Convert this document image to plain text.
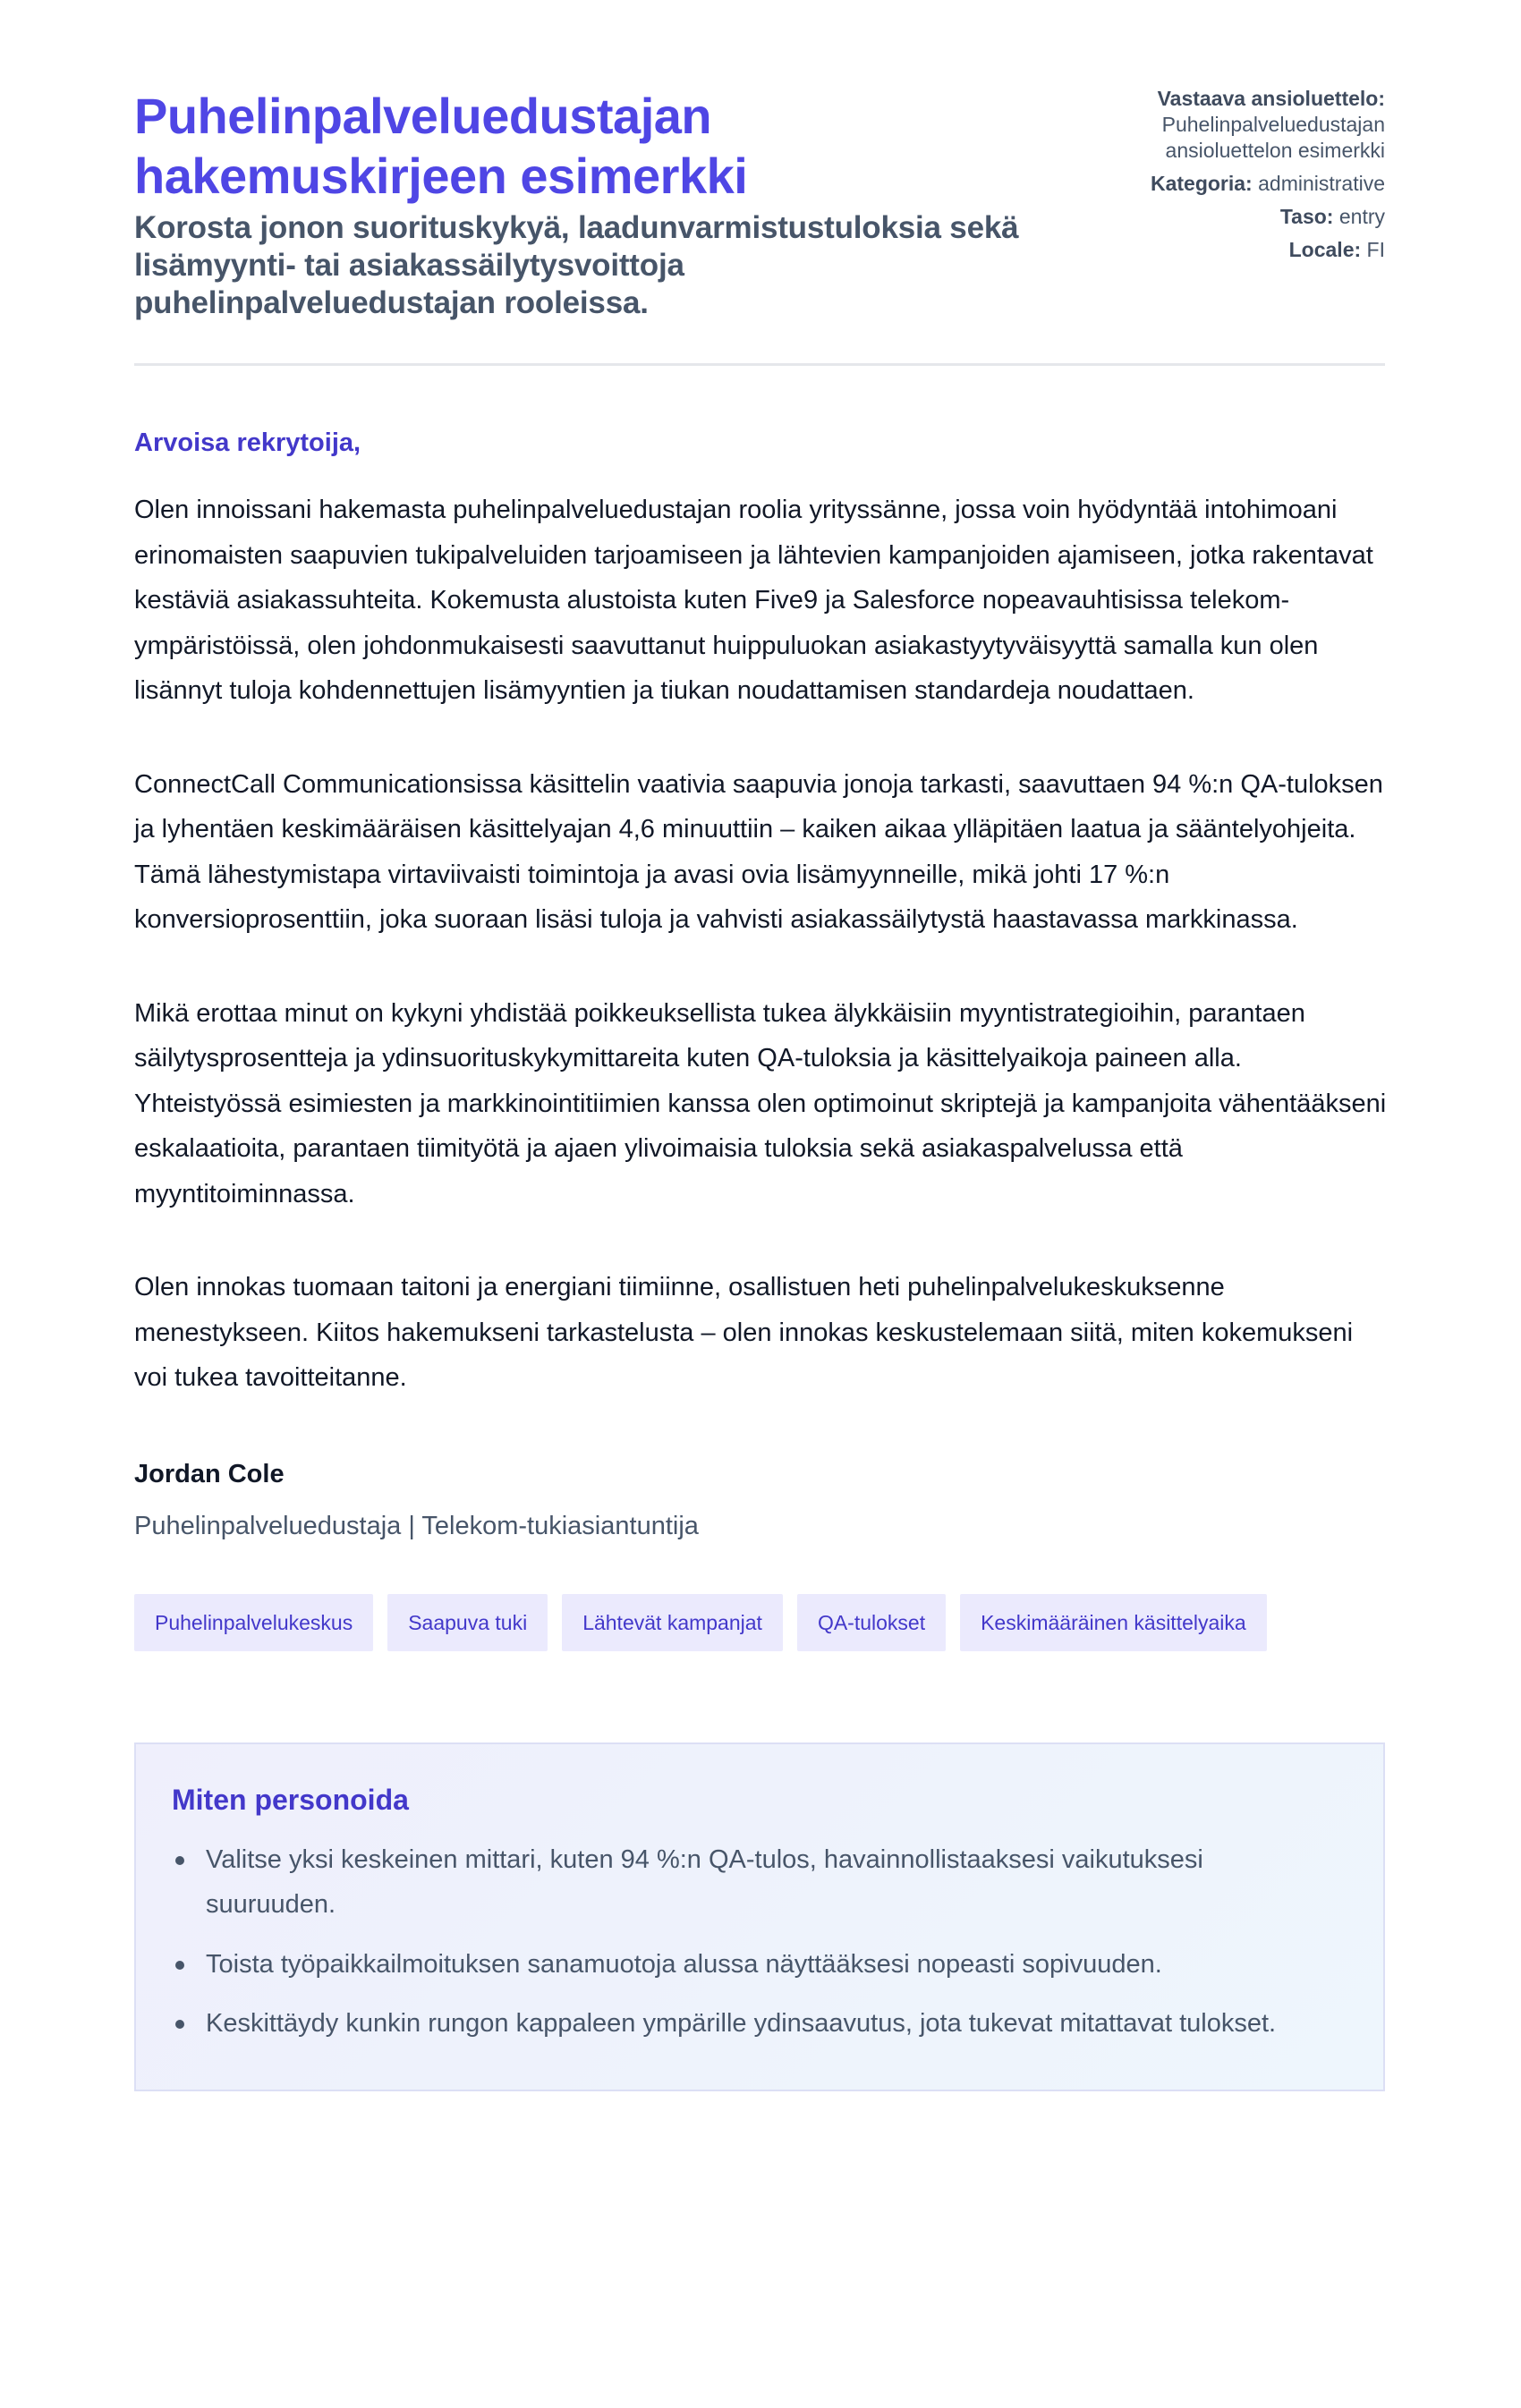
Puhelinpalveluedustajan hakemuskirjeen esimerkki

Korosta jonon suorituskykyä, laadunvarmistustuloksia sekä lisämyynti- tai asiakassäilytysvoittoja puhelinpalveluedustajan rooleissa.

Vastaava ansioluettelo:
Puhelinpalveluedustajan ansioluettelon esimerkki
Kategoria: administrative
Taso: entry
Locale: FI

Arvoisa rekrytoija,

Olen innoissani hakemasta puhelinpalveluedustajan roolia yrityssänne, jossa voin hyödyntää intohimoani erinomaisten saapuvien tukipalveluiden tarjoamiseen ja lähtevien kampanjoiden ajamiseen, jotka rakentavat kestäviä asiakassuhteita. Kokemusta alustoista kuten Five9 ja Salesforce nopeavauhtisissa telekom-ympäristöissä, olen johdonmukaisesti saavuttanut huippuluokan asiakastyytyväisyyttä samalla kun olen lisännyt tuloja kohdennettujen lisämyyntien ja tiukan noudattamisen standardeja noudattaen.

ConnectCall Communicationsissa käsittelin vaativia saapuvia jonoja tarkasti, saavuttaen 94 %:n QA-tuloksen ja lyhentäen keskimääräisen käsittelyajan 4,6 minuuttiin – kaiken aikaa ylläpitäen laatua ja sääntelyohjeita. Tämä lähestymistapa virtaviivaisti toimintoja ja avasi ovia lisämyynneille, mikä johti 17 %:n konversioprosenttiin, joka suoraan lisäsi tuloja ja vahvisti asiakassäilytystä haastavassa markkinassa.

Mikä erottaa minut on kykyni yhdistää poikkeuksellista tukea älykkäisiin myyntistrategioihin, parantaen säilytysprosentteja ja ydinsuorituskykymittareita kuten QA-tuloksia ja käsittelyaikoja paineen alla. Yhteistyössä esimiesten ja markkinointitiimien kanssa olen optimoinut skriptejä ja kampanjoita vähentääkseni eskalaatioita, parantaen tiimityötä ja ajaen ylivoimaisia tuloksia sekä asiakaspalvelussa että myyntitoiminnassa.

Olen innokas tuomaan taitoni ja energiani tiimiinne, osallistuen heti puhelinpalvelukeskuksenne menestykseen. Kiitos hakemukseni tarkastelusta – olen innokas keskustelemaan siitä, miten kokemukseni voi tukea tavoitteitanne.

Jordan Cole

Puhelinpalveluedustaja | Telekom-tukiasiantuntija

Puhelinpalvelukeskus	Saapuva tuki	Lähtevät kampanjat	QA-tulokset	Keskimääräinen käsittelyaika
Miten personoida
Valitse yksi keskeinen mittari, kuten 94 %:n QA-tulos, havainnollistaaksesi vaikutuksesi suuruuden.
Toista työpaikkailmoituksen sanamuotoja alussa näyttääksesi nopeasti sopivuuden.
Keskittäydy kunkin rungon kappaleen ympärille ydinsaavutus, jota tukevat mitattavat tulokset.
